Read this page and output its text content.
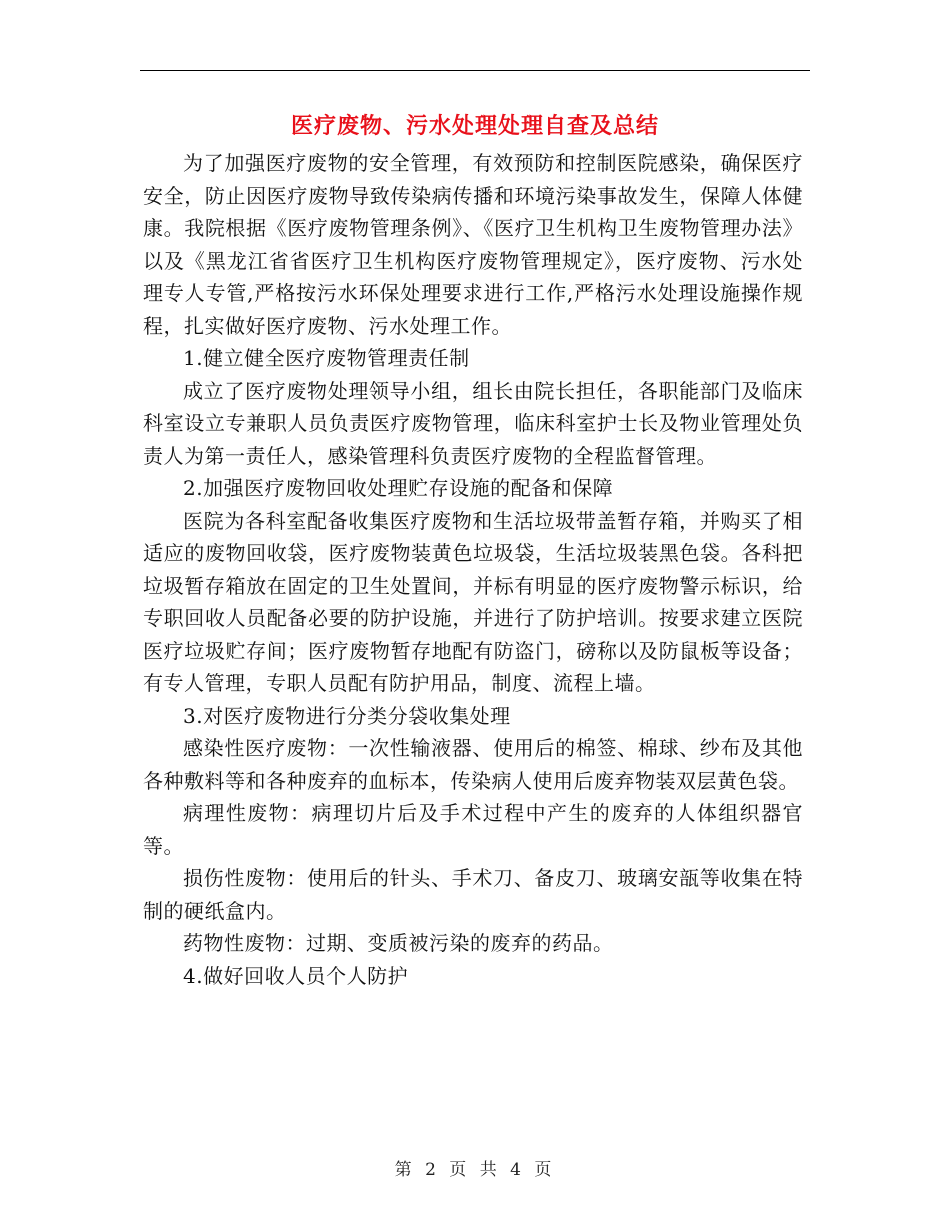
医疗废物、污水处理处理自查及总结

为了加强医疗废物的安全管理，有效预防和控制医院感染，确保医疗安全，防止因医疗废物导致传染病传播和环境污染事故发生，保障人体健康。我院根据《医疗废物管理条例》、《医疗卫生机构卫生废物管理办法》以及《黑龙江省省医疗卫生机构医疗废物管理规定》，医疗废物、污水处理专人专管,严格按污水环保处理要求进行工作,严格污水处理设施操作规程，扎实做好医疗废物、污水处理工作。

1.健立健全医疗废物管理责任制

成立了医疗废物处理领导小组，组长由院长担任，各职能部门及临床科室设立专兼职人员负责医疗废物管理，临床科室护士长及物业管理处负责人为第一责任人，感染管理科负责医疗废物的全程监督管理。

2.加强医疗废物回收处理贮存设施的配备和保障

医院为各科室配备收集医疗废物和生活垃圾带盖暂存箱，并购买了相适应的废物回收袋，医疗废物装黄色垃圾袋，生活垃圾装黑色袋。各科把垃圾暂存箱放在固定的卫生处置间，并标有明显的医疗废物警示标识，给专职回收人员配备必要的防护设施，并进行了防护培训。按要求建立医院医疗垃圾贮存间；医疗废物暂存地配有防盗门，磅称以及防鼠板等设备；有专人管理，专职人员配有防护用品，制度、流程上墙。

3.对医疗废物进行分类分袋收集处理

感染性医疗废物：一次性输液器、使用后的棉签、棉球、纱布及其他各种敷料等和各种废弃的血标本，传染病人使用后废弃物装双层黄色袋。

病理性废物：病理切片后及手术过程中产生的废弃的人体组织器官等。

损伤性废物：使用后的针头、手术刀、备皮刀、玻璃安瓿等收集在特制的硬纸盒内。

药物性废物：过期、变质被污染的废弃的药品。

4.做好回收人员个人防护

第 2 页 共 4 页
